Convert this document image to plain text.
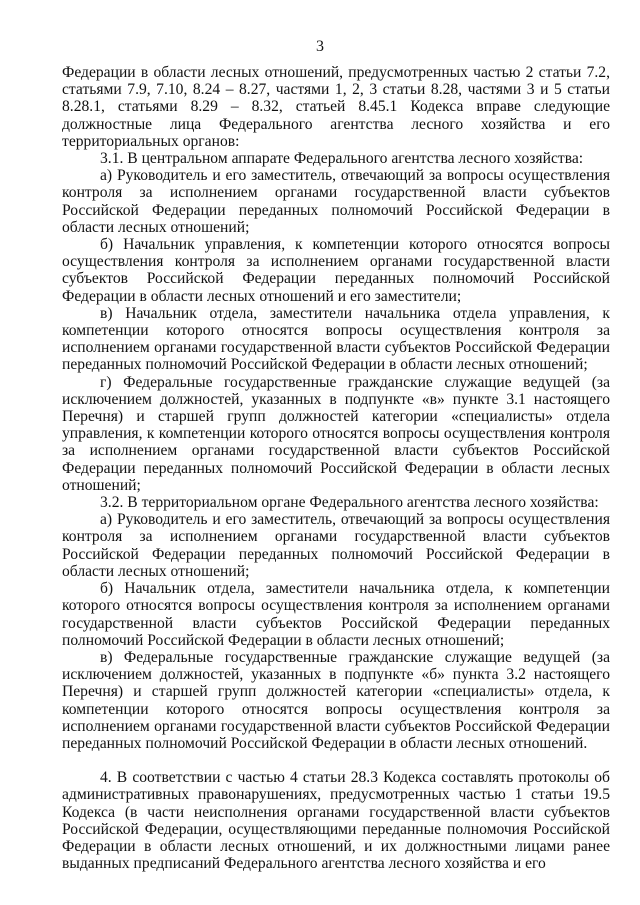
3

Федерации в области лесных отношений, предусмотренных частью 2 статьи 7.2, статьями 7.9, 7.10, 8.24 – 8.27, частями 1, 2, 3 статьи 8.28, частями 3 и 5 статьи 8.28.1, статьями 8.29 – 8.32, статьей 8.45.1 Кодекса вправе следующие должностные лица Федерального агентства лесного хозяйства и его территориальных органов:

3.1. В центральном аппарате Федерального агентства лесного хозяйства:

а) Руководитель и его заместитель, отвечающий за вопросы осуществления контроля за исполнением органами государственной власти субъектов Российской Федерации переданных полномочий Российской Федерации в области лесных отношений;

б) Начальник управления, к компетенции которого относятся вопросы осуществления контроля за исполнением органами государственной власти субъектов Российской Федерации переданных полномочий Российской Федерации в области лесных отношений и его заместители;

в) Начальник отдела, заместители начальника отдела управления, к компетенции которого относятся вопросы осуществления контроля за исполнением органами государственной власти субъектов Российской Федерации переданных полномочий Российской Федерации в области лесных отношений;

г) Федеральные государственные гражданские служащие ведущей (за исключением должностей, указанных в подпункте «в» пункте 3.1 настоящего Перечня) и старшей групп должностей категории «специалисты» отдела управления, к компетенции которого относятся вопросы осуществления контроля за исполнением органами государственной власти субъектов Российской Федерации переданных полномочий Российской Федерации в области лесных отношений;

3.2. В территориальном органе Федерального агентства лесного хозяйства:

а) Руководитель и его заместитель, отвечающий за вопросы осуществления контроля за исполнением органами государственной власти субъектов Российской Федерации переданных полномочий Российской Федерации в области лесных отношений;

б) Начальник отдела, заместители начальника отдела, к компетенции которого относятся вопросы осуществления контроля за исполнением органами государственной власти субъектов Российской Федерации переданных полномочий Российской Федерации в области лесных отношений;

в) Федеральные государственные гражданские служащие ведущей (за исключением должностей, указанных в подпункте «б» пункта 3.2 настоящего Перечня) и старшей групп должностей категории «специалисты» отдела, к компетенции которого относятся вопросы осуществления контроля за исполнением органами государственной власти субъектов Российской Федерации переданных полномочий Российской Федерации в области лесных отношений.

4. В соответствии с частью 4 статьи 28.3 Кодекса составлять протоколы об административных правонарушениях, предусмотренных частью 1 статьи 19.5 Кодекса (в части неисполнения органами государственной власти субъектов Российской Федерации, осуществляющими переданные полномочия Российской Федерации в области лесных отношений, и их должностными лицами ранее выданных предписаний Федерального агентства лесного хозяйства и его
